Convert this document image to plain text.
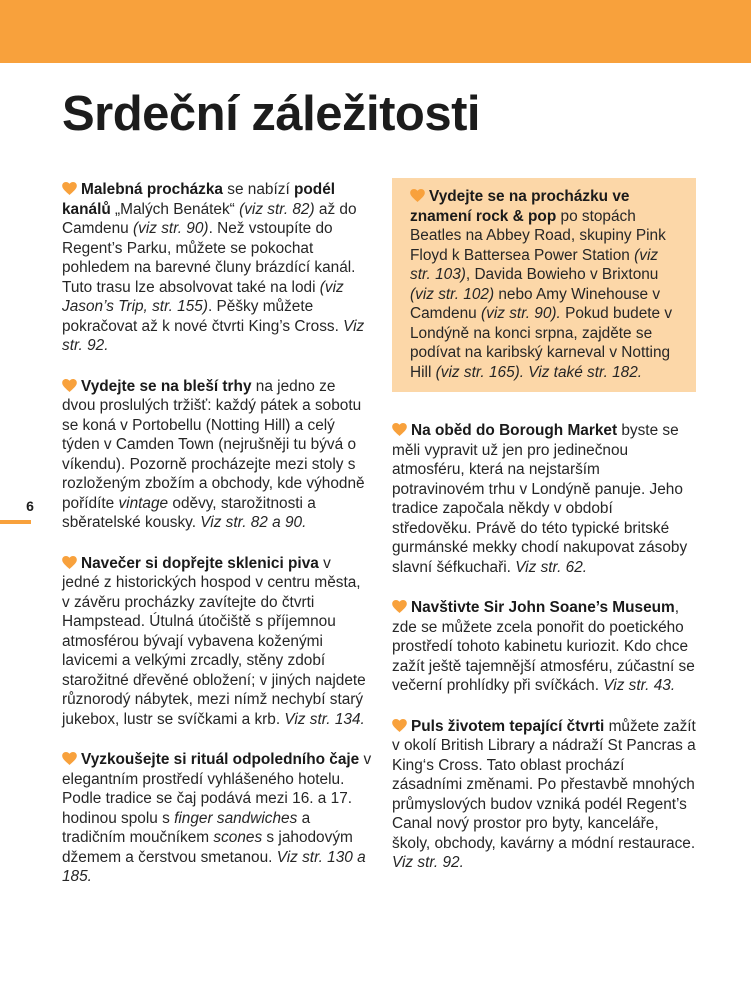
Srdeční záležitosti
6

Malebná procházka se nabízí podél kanálů „Malých Benátek“ (viz str. 82) až do Camdenu (viz str. 90). Než vstoupíte do Regent’s Parku, můžete se pokochat pohledem na barevné čluny brázdící kanál. Tuto trasu lze absolvovat také na lodi (viz Jason’s Trip, str. 155). Pěšky můžete pokračovat až k nové čtvrti King’s Cross. Viz str. 92.

Vydejte se na bleší trhy na jedno ze dvou proslulých tržišť: každý pátek a sobotu se koná v Portobellu (Notting Hill) a celý týden v Camden Town (nejrušněji tu bývá o víkendu). Pozorně procházejte mezi stoly s rozloženým zbožím a obchody, kde výhodně pořídíte vintage oděvy, starožitnosti a sběratelské kousky. Viz str. 82 a 90.

Navečer si dopřejte sklenici piva v jedné z historických hospod v centru města, v závěru procházky zavítejte do čtvrti Hampstead. Útulná útočiště s příjemnou atmosférou bývají vybavena koženými lavicemi a velkými zrcadly, stěny zdobí starožitné dřevěné obložení; v jiných najdete různorodý nábytek, mezi nímž nechybí starý jukebox, lustr se svíčkami a krb. Viz str. 134.

Vyzkoušejte si rituál odpoledního čaje v elegantním prostředí vyhlášeného hotelu. Podle tradice se čaj podává mezi 16. a 17. hodinou spolu s finger sandwiches a tradičním moučníkem scones s jahodovým džemem a čerstvou smetanou. Viz str. 130 a 185.

Vydejte se na procházku ve znamení rock & pop po stopách Beatles na Abbey Road, skupiny Pink Floyd k Battersea Power Station (viz str. 103), Davida Bowieho v Brixtonu (viz str. 102) nebo Amy Winehouse v Camdenu (viz str. 90). Pokud budete v Londýně na konci srpna, zajděte se podívat na karibský karneval v Notting Hill (viz str. 165). Viz také str. 182.

Na oběd do Borough Market byste se měli vypravit už jen pro jedinečnou atmosféru, která na nejstarším potravinovém trhu v Londýně panuje. Jeho tradice započala někdy v období středověku. Právě do této typické britské gurmánské mekky chodí nakupovat zásoby slavní šéfkuchaři. Viz str. 62.

Navštivte Sir John Soane’s Museum, zde se můžete zcela ponořit do poetického prostředí tohoto kabinetu kuriozit. Kdo chce zažít ještě tajemnější atmosféru, zúčastní se večerní prohlídky při svíčkách. Viz str. 43.

Puls životem tepající čtvrti můžete zažít v okolí British Library a nádraží St Pancras a King‘s Cross. Tato oblast prochází zásadními změnami. Po přestavbě mnohých průmyslových budov vzniká podél Regent’s Canal nový prostor pro byty, kanceláře, školy, obchody, kavárny a módní restaurace. Viz str. 92.
